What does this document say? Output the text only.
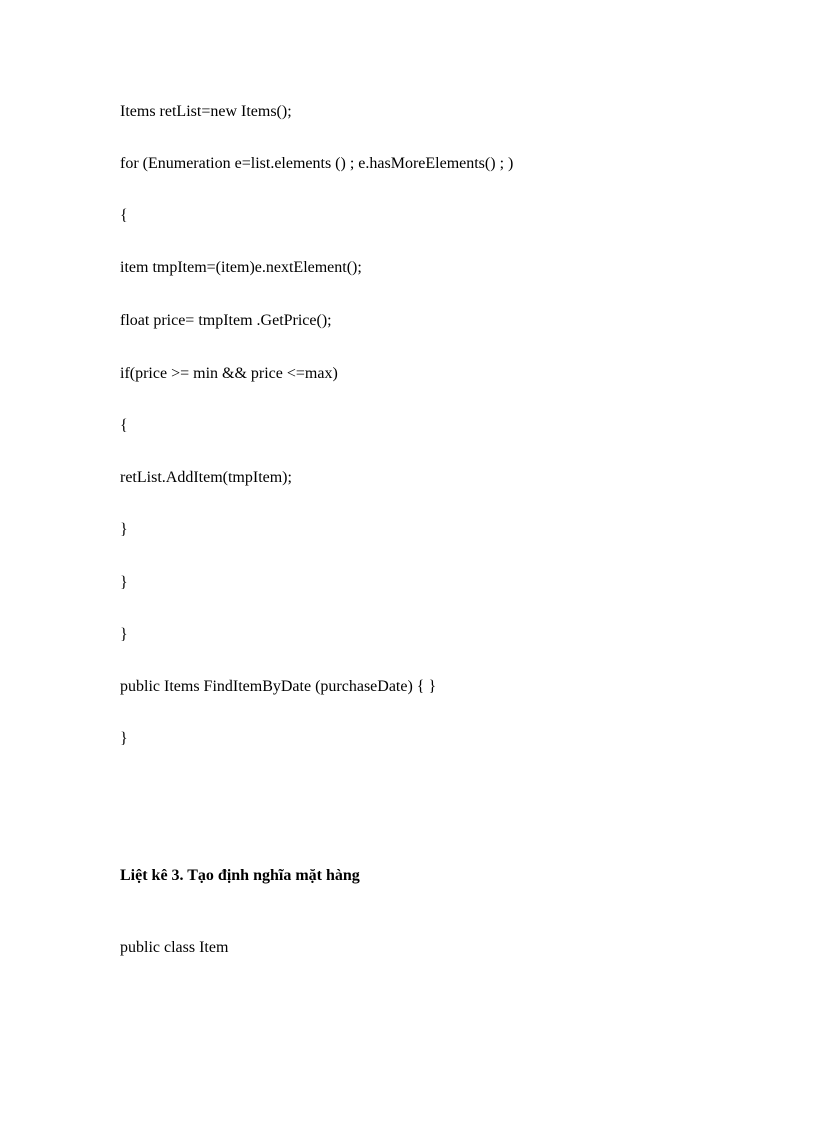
Items retList=new Items();

for (Enumeration e=list.elements () ; e.hasMoreElements() ; )

{

item tmpItem=(item)e.nextElement();

float price= tmpItem .GetPrice();

if(price >= min && price <=max)

{

retList.AddItem(tmpItem);

}

}

}

public Items FindItemByDate (purchaseDate) { }

}

Liệt kê 3. Tạo định nghĩa mặt hàng

public class Item
